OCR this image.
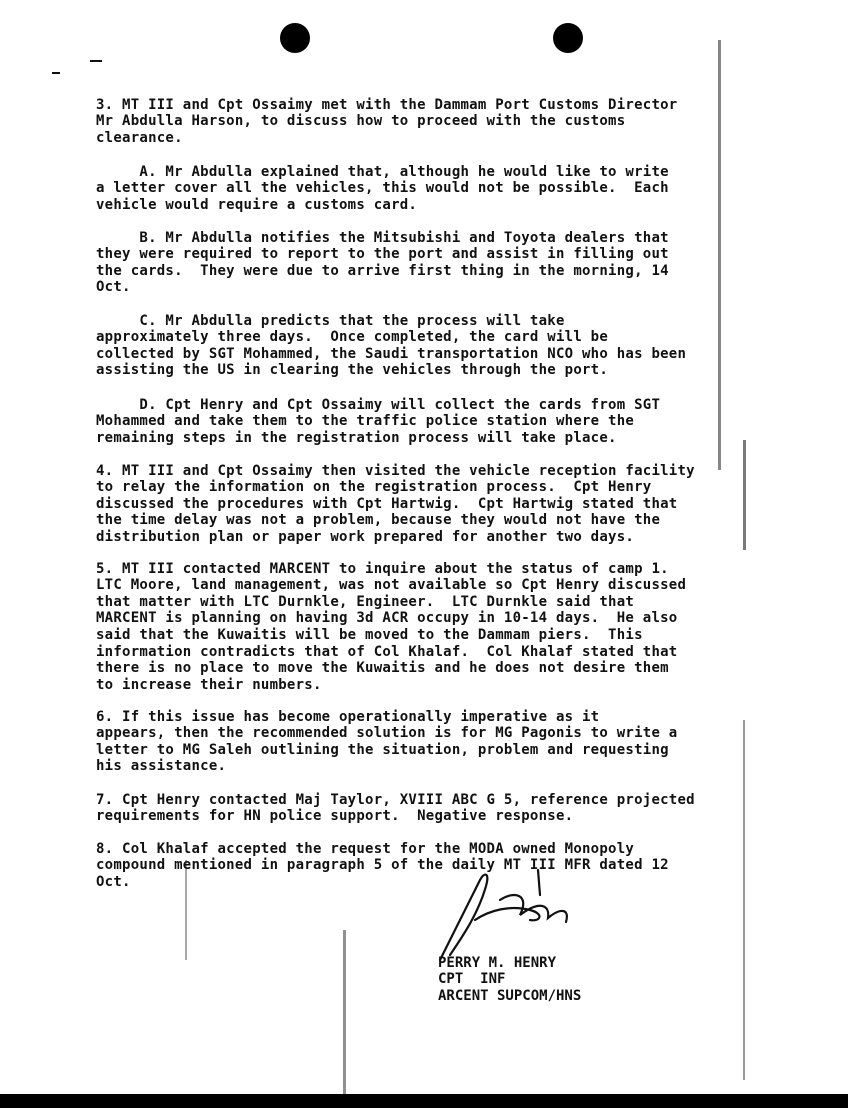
3. MT III and Cpt Ossaimy met with the Dammam Port Customs Director
Mr Abdulla Harson, to discuss how to proceed with the customs
clearance.

A. Mr Abdulla explained that, although he would like to write
a letter cover all the vehicles, this would not be possible.  Each
vehicle would require a customs card.

B. Mr Abdulla notifies the Mitsubishi and Toyota dealers that
they were required to report to the port and assist in filling out
the cards.  They were due to arrive first thing in the morning, 14
Oct.

C. Mr Abdulla predicts that the process will take
approximately three days.  Once completed, the card will be
collected by SGT Mohammed, the Saudi transportation NCO who has been
assisting the US in clearing the vehicles through the port.

D. Cpt Henry and Cpt Ossaimy will collect the cards from SGT
Mohammed and take them to the traffic police station where the
remaining steps in the registration process will take place.

4. MT III and Cpt Ossaimy then visited the vehicle reception facility
to relay the information on the registration process.  Cpt Henry
discussed the procedures with Cpt Hartwig.  Cpt Hartwig stated that
the time delay was not a problem, because they would not have the
distribution plan or paper work prepared for another two days.

5. MT III contacted MARCENT to inquire about the status of camp 1.
LTC Moore, land management, was not available so Cpt Henry discussed
that matter with LTC Durnkle, Engineer.  LTC Durnkle said that
MARCENT is planning on having 3d ACR occupy in 10-14 days.  He also
said that the Kuwaitis will be moved to the Dammam piers.  This
information contradicts that of Col Khalaf.  Col Khalaf stated that
there is no place to move the Kuwaitis and he does not desire them
to increase their numbers.

6. If this issue has become operationally imperative as it
appears, then the recommended solution is for MG Pagonis to write a
letter to MG Saleh outlining the situation, problem and requesting
his assistance.

7. Cpt Henry contacted Maj Taylor, XVIII ABC G 5, reference projected
requirements for HN police support.  Negative response.

8. Col Khalaf accepted the request for the MODA owned Monopoly
compound mentioned in paragraph 5 of the daily MT III MFR dated 12
Oct.

PERRY M. HENRY
CPT  INF
ARCENT SUPCOM/HNS
